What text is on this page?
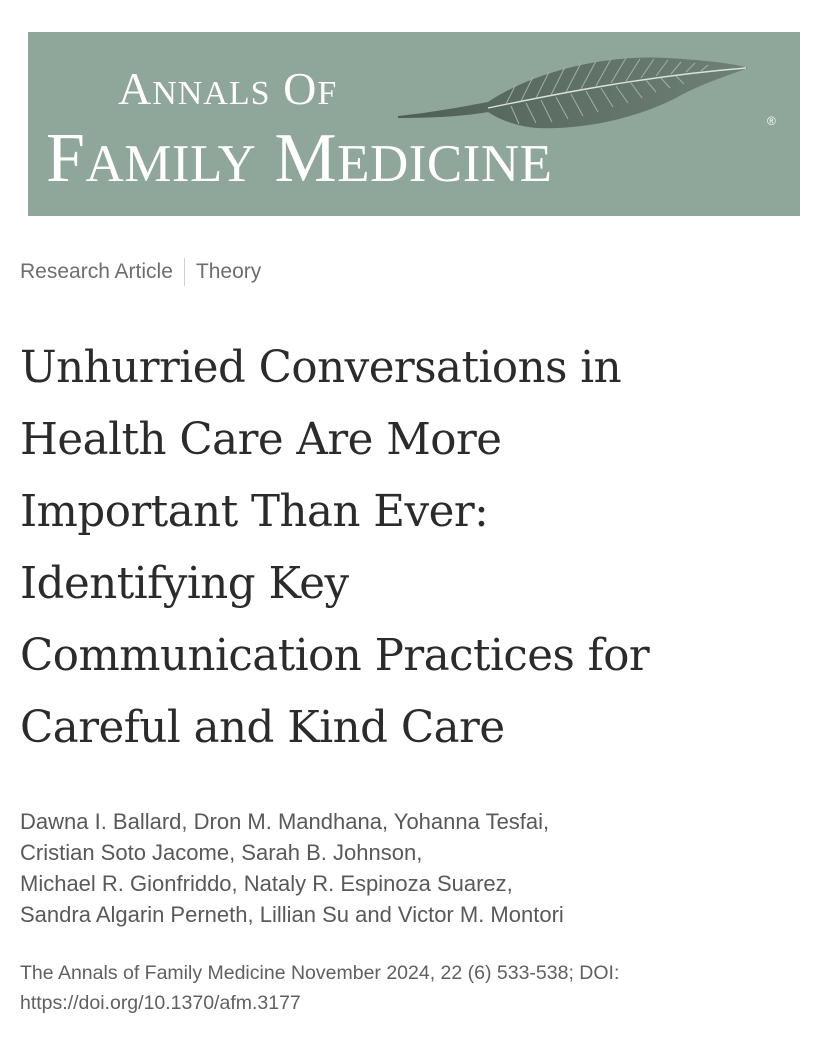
ANNALS OF
FAMILY MEDICINE
®
Research Article Theory
Unhurried Conversations in
Health Care Are More
Important Than Ever:
Identifying Key
Communication Practices for
Careful and Kind Care
Dawna I. Ballard, Dron M. Mandhana, Yohanna Tesfai,
Cristian Soto Jacome, Sarah B. Johnson,
Michael R. Gionfriddo, Nataly R. Espinoza Suarez,
Sandra Algarin Perneth, Lillian Su and Victor M. Montori
The Annals of Family Medicine November 2024, 22 (6) 533-538; DOI:
https://doi.org/10.1370/afm.3177
